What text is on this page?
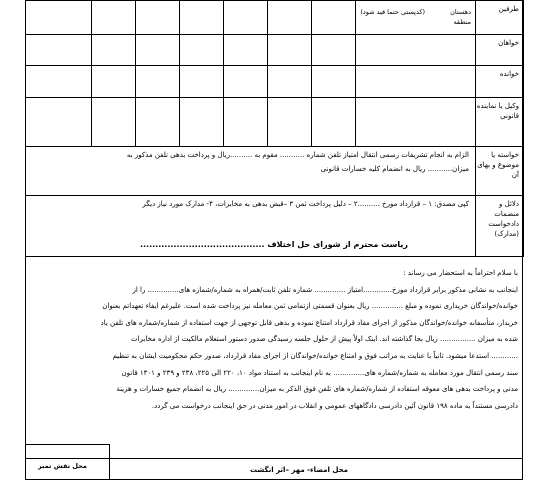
طرفین	دهستان
منطقه
(کدپستی حتما قید شود)							

خواهان								
خوانده								
وکیل یا نماینده قانونی								
خواسته یا موضوع و بهای آن	الزام به انجام تشریفات رسمی انتقال امتیاز تلفن شماره ........... مقوم به ..........ریال و پرداخت بدهی تلفن مذکور به
میزان........... ریال به انضمام کلیه خسارات قانونی							

دلائل و منضمات دادخواست (مدارک)	کپی مصدق: ۱ – قرارداد مورخ ..........۲ – دلیل پرداخت ثمن ۳ –قبض بدهی به مخابرات، ۴- مدارک مورد نیاز دیگر							
ریاست محترم از شورای حل اختلاف .........................................
با سلام احتراماً به استحضار می رساند :
اینجانب به نشانی مذکور برابر قرارداد مورخ.............امتیاز .............. شماره تلفن ثابت/همراه به شماره/شماره های.............. را از
خوانده/خواندگان خریداری نموده و مبلغ .............. ریال بعنوان قسمتی ازتمامی ثمن معامله نیز پرداخت شده است. علیرغم ایفاء تعهداتم بعنوان
خریدار، متأسفانه خوانده/خواندگان مذکور از اجرای مفاد قرارداد امتناع نموده و بدهی قابل توجهی از جهت استفاده از شماره/شماره های تلفن یاد
شده به میزان ................ ریال بجا گذاشته اند. اینک اولاً پیش از حلول جلسه رسیدگی صدور دستور استعلام مالکیت از اداره مخابرات
............ استدعا میشود. ثانیاً با عنایت به مراتب فوق و امتناع خوانده/خواندگان از اجرای مفاد قرارداد، صدور حکم محکومیت ایشان به تنظیم
سند رسمی انتقال مورد معامله به شماره/شماره های.............. به نام اینجانب به استناد مواد ۱۰، ۲۲۰ الی ۲۲۵، ۲۳۸ و ۲۳۹ و ۱۳۰۱ قانون
مدنی و پرداخت بدهی های معوقه استفاده از شماره/شماره های تلفن فوق الذکر به میزان.............. ریال به انضمام جمیع خسارات و هزینة
دادرسی مستنداً به ماده ۱۹۸ قانون آئین دادرسی دادگاههای عمومی و انقلاب در امور مدنی در حق اینجانب درخواست می گردد.
محل امضاء- مهر –اثر انگشت
محل نقش تمبر
